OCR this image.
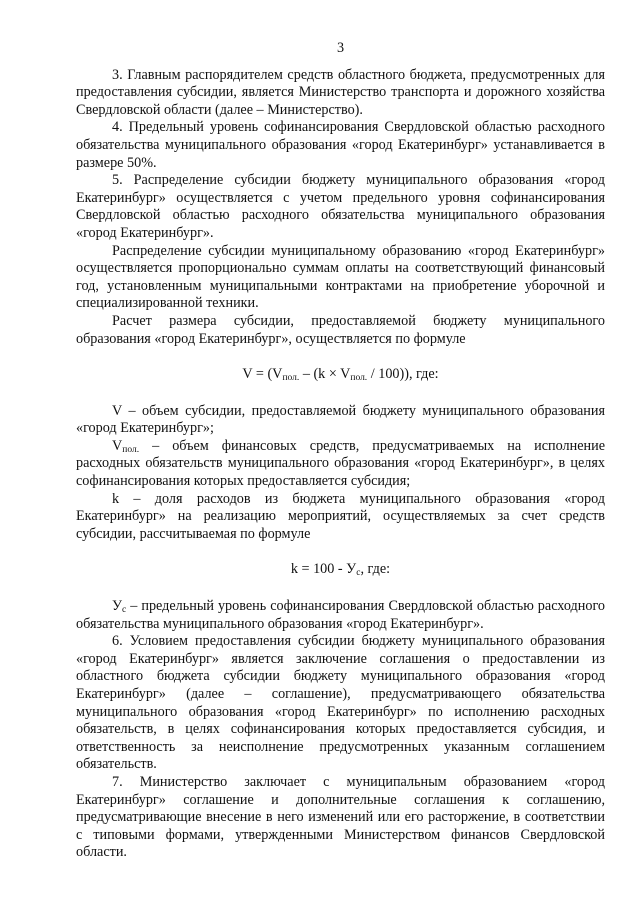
3

3. Главным распорядителем средств областного бюджета, предусмотренных для предоставления субсидии, является Министерство транспорта и дорожного хозяйства Свердловской области (далее – Министерство).

4. Предельный уровень софинансирования Свердловской областью расходного обязательства муниципального образования «город Екатеринбург» устанавливается в размере 50%.

5. Распределение субсидии бюджету муниципального образования «город Екатеринбург» осуществляется с учетом предельного уровня софинансирования Свердловской областью расходного обязательства муниципального образования «город Екатеринбург».

Распределение субсидии муниципальному образованию «город Екатеринбург» осуществляется пропорционально суммам оплаты на соответствующий финансовый год, установленным муниципальными контрактами на приобретение уборочной и специализированной техники.

Расчет размера субсидии, предоставляемой бюджету муниципального образования «город Екатеринбург», осуществляется по формуле

$V = (V_{пол.} - (k \times V_{пол.} / 100))$, где:

V – объем субсидии, предоставляемой бюджету муниципального образования «город Екатеринбург»;

$V_{пол.}$ – объем финансовых средств, предусматриваемых на исполнение расходных обязательств муниципального образования «город Екатеринбург», в целях софинансирования которых предоставляется субсидия;

k – доля расходов из бюджета муниципального образования «город Екатеринбург» на реализацию мероприятий, осуществляемых за счет средств субсидии, рассчитываемая по формуле

$k = 100 - У_с$, где:

$У_с$ – предельный уровень софинансирования Свердловской областью расходного обязательства муниципального образования «город Екатеринбург».

6. Условием предоставления субсидии бюджету муниципального образования «город Екатеринбург» является заключение соглашения о предоставлении из областного бюджета субсидии бюджету муниципального образования «город Екатеринбург» (далее – соглашение), предусматривающего обязательства муниципального образования «город Екатеринбург» по исполнению расходных обязательств, в целях софинансирования которых предоставляется субсидия, и ответственность за неисполнение предусмотренных указанным соглашением обязательств.

7. Министерство заключает с муниципальным образованием «город Екатеринбург» соглашение и дополнительные соглашения к соглашению, предусматривающие внесение в него изменений или его расторжение, в соответствии с типовыми формами, утвержденными Министерством финансов Свердловской области.
